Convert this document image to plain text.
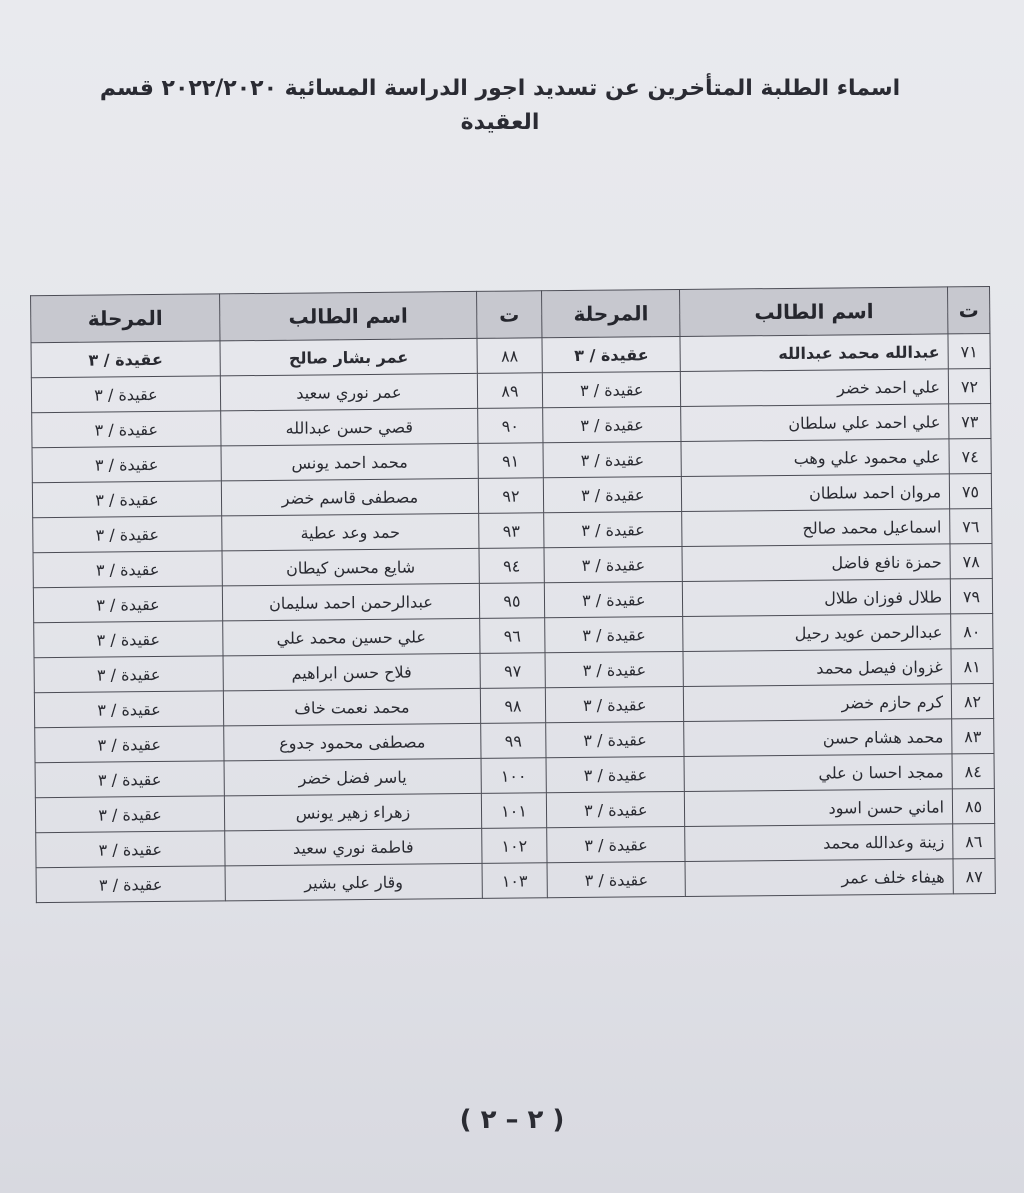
اسماء الطلبة المتأخرين عن تسديد اجور الدراسة المسائية ٢٠٢٢/٢٠٢٠ قسم العقيدة
ت	اسم الطالب	المرحلة	ت	اسم الطالب	المرحلة
٧١	عبدالله محمد عبدالله	عقيدة / ٣	٨٨	عمر بشار صالح	عقيدة / ٣
٧٢	علي احمد خضر	عقيدة / ٣	٨٩	عمر نوري سعيد	عقيدة / ٣
٧٣	علي احمد علي سلطان	عقيدة / ٣	٩٠	قصي حسن عبدالله	عقيدة / ٣
٧٤	علي محمود علي وهب	عقيدة / ٣	٩١	محمد احمد يونس	عقيدة / ٣
٧٥	مروان احمد سلطان	عقيدة / ٣	٩٢	مصطفى قاسم خضر	عقيدة / ٣
٧٦	اسماعيل محمد صالح	عقيدة / ٣	٩٣	حمد وعد عطية	عقيدة / ٣
٧٨	حمزة نافع فاضل	عقيدة / ٣	٩٤	شايع محسن كيطان	عقيدة / ٣
٧٩	طلال فوزان طلال	عقيدة / ٣	٩٥	عبدالرحمن احمد سليمان	عقيدة / ٣
٨٠	عبدالرحمن عويد رحيل	عقيدة / ٣	٩٦	علي حسين محمد علي	عقيدة / ٣
٨١	غزوان فيصل محمد	عقيدة / ٣	٩٧	فلاح حسن ابراهيم	عقيدة / ٣
٨٢	كرم حازم خضر	عقيدة / ٣	٩٨	محمد نعمت خاف	عقيدة / ٣
٨٣	محمد هشام حسن	عقيدة / ٣	٩٩	مصطفى محمود جدوع	عقيدة / ٣
٨٤	ممجد احسا ن علي	عقيدة / ٣	١٠٠	ياسر فضل خضر	عقيدة / ٣
٨٥	اماني حسن اسود	عقيدة / ٣	١٠١	زهراء زهير يونس	عقيدة / ٣
٨٦	زينة وعدالله محمد	عقيدة / ٣	١٠٢	فاطمة نوري سعيد	عقيدة / ٣
٨٧	هيفاء خلف عمر	عقيدة / ٣	١٠٣	وقار علي بشير	عقيدة / ٣
( ٢ – ٢ )
